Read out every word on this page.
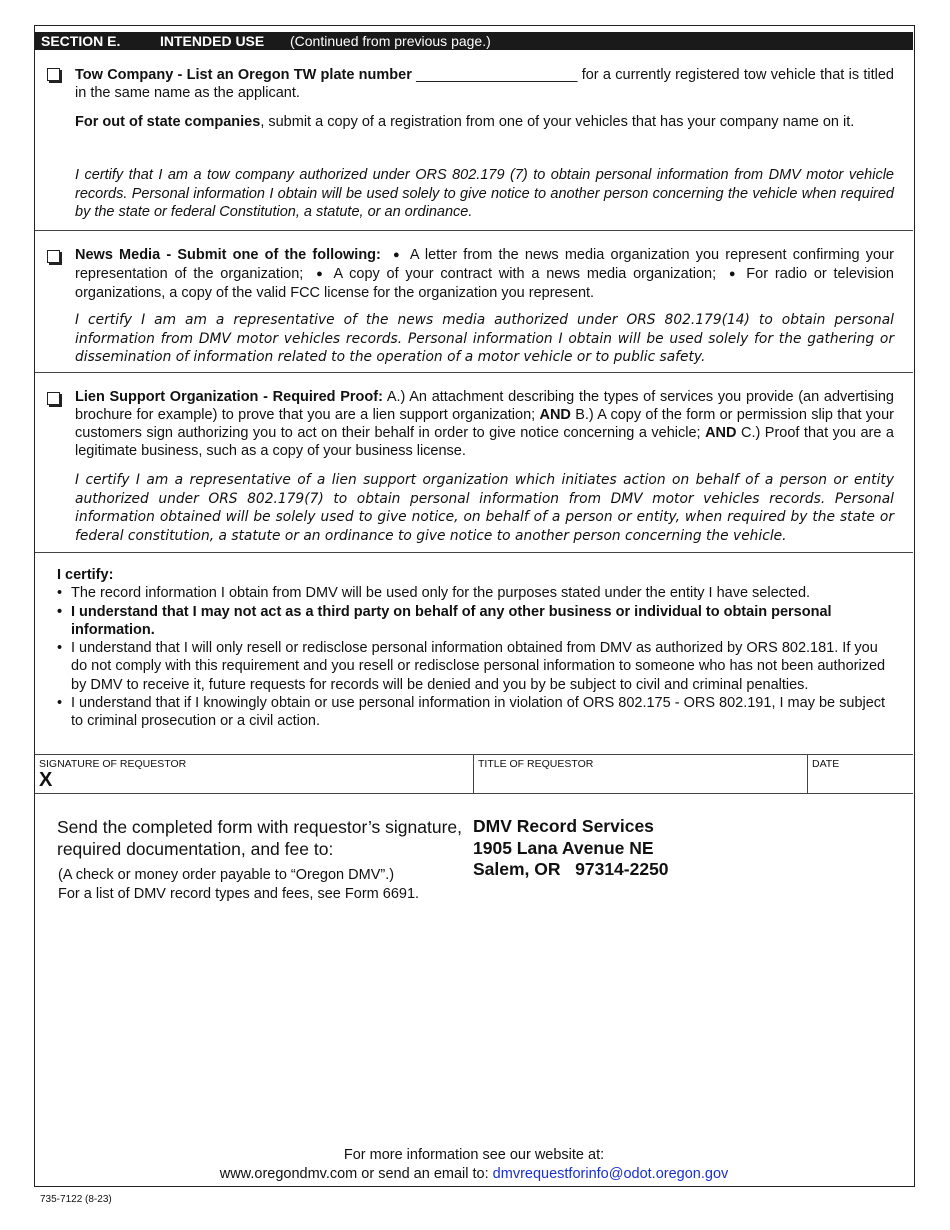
SECTION E.	INTENDED USE (Continued from previous page.)

Tow Company - List an Oregon TW plate number ____________________ for a currently registered tow vehicle that is titled in the same name as the applicant.

For out of state companies, submit a copy of a registration from one of your vehicles that has your company name on it.

I certify that I am a tow company authorized under ORS 802.179 (7) to obtain personal information from DMV motor vehicle records. Personal information I obtain will be used solely to give notice to another person concerning the vehicle when required by the state or federal Constitution, a statute, or an ordinance.

News Media - Submit one of the following: ● A letter from the news media organization you represent confirming your representation of the organization; ● A copy of your contract with a news media organization; ● For radio or television organizations, a copy of the valid FCC license for the organization you represent.

I certify I am am a representative of the news media authorized under ORS 802.179(14) to obtain personal information from DMV motor vehicles records. Personal information I obtain will be used solely for the gathering or dissemination of information related to the operation of a motor vehicle or to public safety.

Lien Support Organization - Required Proof: A.) An attachment describing the types of services you provide (an advertising brochure for example) to prove that you are a lien support organization; AND B.) A copy of the form or permission slip that your customers sign authorizing you to act on their behalf in order to give notice concerning a vehicle; AND C.) Proof that you are a legitimate business, such as a copy of your business license.

I certify I am a representative of a lien support organization which initiates action on behalf of a person or entity authorized under ORS 802.179(7) to obtain personal information from DMV motor vehicles records. Personal information obtained will be solely used to give notice, on behalf of a person or entity, when required by the state or federal constitution, a statute or an ordinance to give notice to another person concerning the vehicle.

I certify:
• The record information I obtain from DMV will be used only for the purposes stated under the entity I have selected.
• I understand that I may not act as a third party on behalf of any other business or individual to obtain personal information.
• I understand that I will only resell or redisclose personal information obtained from DMV as authorized by ORS 802.181. If you do not comply with this requirement and you resell or redisclose personal information to someone who has not been authorized by DMV to receive it, future requests for records will be denied and you by be subject to civil and criminal penalties.
• I understand that if I knowingly obtain or use personal information in violation of ORS 802.175 - ORS 802.191, I may be subject to criminal prosecution or a civil action.
SIGNATURE OF REQUESTOR
X
TITLE OF REQUESTOR	DATE
Send the completed form with requestor’s signature, required documentation, and fee to:
(A check or money order payable to “Oregon DMV”.)
For a list of DMV record types and fees, see Form 6691.
DMV Record Services
1905 Lana Avenue NE
Salem, OR   97314-2250
For more information see our website at:
www.oregondmv.com or send an email to: dmvrequestforinfo@odot.oregon.gov
735-7122 (8-23)
